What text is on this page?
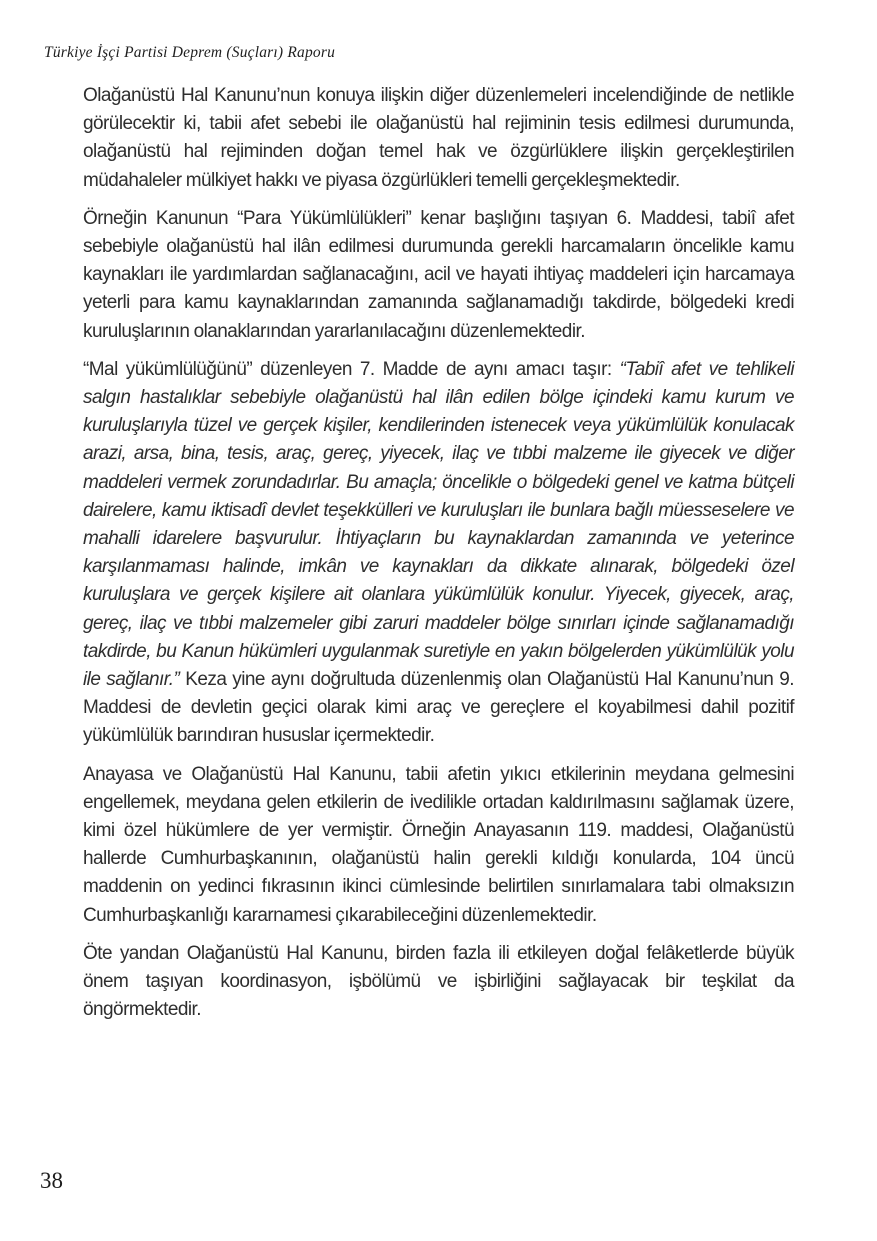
Türkiye İşçi Partisi Deprem (Suçları) Raporu

Olağanüstü Hal Kanunu’nun konuya ilişkin diğer düzenlemeleri incelendiğinde de netlikle görülecektir ki, tabii afet sebebi ile olağanüstü hal rejiminin tesis edilmesi durumunda, olağanüstü hal rejiminden doğan temel hak ve özgürlüklere ilişkin gerçekleştirilen müdahaleler mülkiyet hakkı ve piyasa özgürlükleri temelli gerçekleşmektedir.

Örneğin Kanunun “Para Yükümlülükleri” kenar başlığını taşıyan 6. Maddesi, tabiî afet sebebiyle olağanüstü hal ilân edilmesi durumunda gerekli harcamaların öncelikle kamu kaynakları ile yardımlardan sağlanacağını, acil ve hayati ihtiyaç maddeleri için harcamaya yeterli para kamu kaynaklarından zamanında sağlanamadığı takdirde, bölgedeki kredi kuruluşlarının olanaklarından yararlanılacağını düzenlemektedir.

“Mal yükümlülüğünü” düzenleyen 7. Madde de aynı amacı taşır: “Tabiî afet ve tehlikeli salgın hastalıklar sebebiyle olağanüstü hal ilân edilen bölge içindeki kamu kurum ve kuruluşlarıyla tüzel ve gerçek kişiler, kendilerinden istenecek veya yükümlülük konulacak arazi, arsa, bina, tesis, araç, gereç, yiyecek, ilaç ve tıbbi malzeme ile giyecek ve diğer maddeleri vermek zorundadırlar. Bu amaçla; öncelikle o bölgedeki genel ve katma bütçeli dairelere, kamu iktisadî devlet teşekkülleri ve kuruluşları ile bunlara bağlı müesseselere ve mahalli idarelere başvurulur. İhtiyaçların bu kaynaklardan zamanında ve yeterince karşılanmaması halinde, imkân ve kaynakları da dikkate alınarak, bölgedeki özel kuruluşlara ve gerçek kişilere ait olanlara yükümlülük konulur. Yiyecek, giyecek, araç, gereç, ilaç ve tıbbi malzemeler gibi zaruri maddeler bölge sınırları içinde sağlanamadığı takdirde, bu Kanun hükümleri uygulanmak suretiyle en yakın bölgelerden yükümlülük yolu ile sağlanır.” Keza yine aynı doğrultuda düzenlenmiş olan Olağanüstü Hal Kanunu’nun 9. Maddesi de devletin geçici olarak kimi araç ve gereçlere el koyabilmesi dahil pozitif yükümlülük barındıran hususlar içermektedir.

Anayasa ve Olağanüstü Hal Kanunu, tabii afetin yıkıcı etkilerinin meydana gelmesini engellemek, meydana gelen etkilerin de ivedilikle ortadan kaldırılmasını sağlamak üzere, kimi özel hükümlere de yer vermiştir. Örneğin Anayasanın 119. maddesi, Olağanüstü hallerde Cumhurbaşkanının, olağanüstü halin gerekli kıldığı konularda, 104 üncü maddenin on yedinci fıkrasının ikinci cümlesinde belirtilen sınırlamalara tabi olmaksızın Cumhurbaşkanlığı kararnamesi çıkarabileceğini düzenlemektedir.

Öte yandan Olağanüstü Hal Kanunu, birden fazla ili etkileyen doğal felâketlerde büyük önem taşıyan koordinasyon, işbölümü ve işbirliğini sağlayacak bir teşkilat da öngörmektedir.

38
